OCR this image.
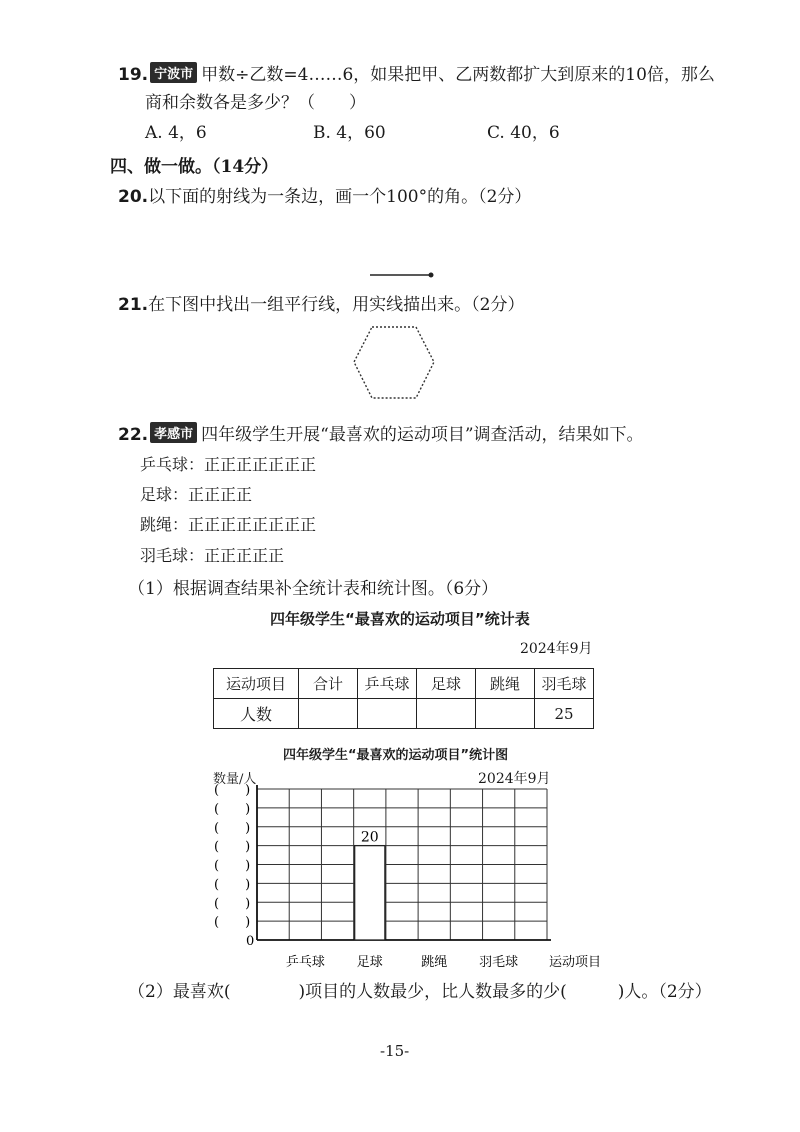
19. 宁波市 甲数÷乙数=4……6，如果把甲、乙两数都扩大到原来的10倍，那么
商和余数各是多少？（　　）
A. 4，6	B. 4，60	C. 40，6
四、做一做。（14分）
20.以下面的射线为一条边，画一个100°的角。（2分）
21.在下图中找出一组平行线，用实线描出来。（2分）
22. 孝感市 四年级学生开展“最喜欢的运动项目”调查活动，结果如下。
乒乓球：正正正正正正正
足球：正正正正
跳绳：正正正正正正正正
羽毛球：正正正正正
（1）根据调查结果补全统计表和统计图。（6分）
四年级学生“最喜欢的运动项目”统计表
2024年9月
运动项目	合计	乒乓球	足球	跳绳	羽毛球
人数					25
四年级学生“最喜欢的运动项目”统计图
数量/人	2024年9月
(　　)
(　　)
(　　)
(　　)
(　　)
(　　)
(　　)
(　　)
0
20
乒乓球 足球	跳绳 羽毛球 运动项目
（2）最喜欢(　　　　)项目的人数最少，比人数最多的少(　　　)人。（2分）
-15-
